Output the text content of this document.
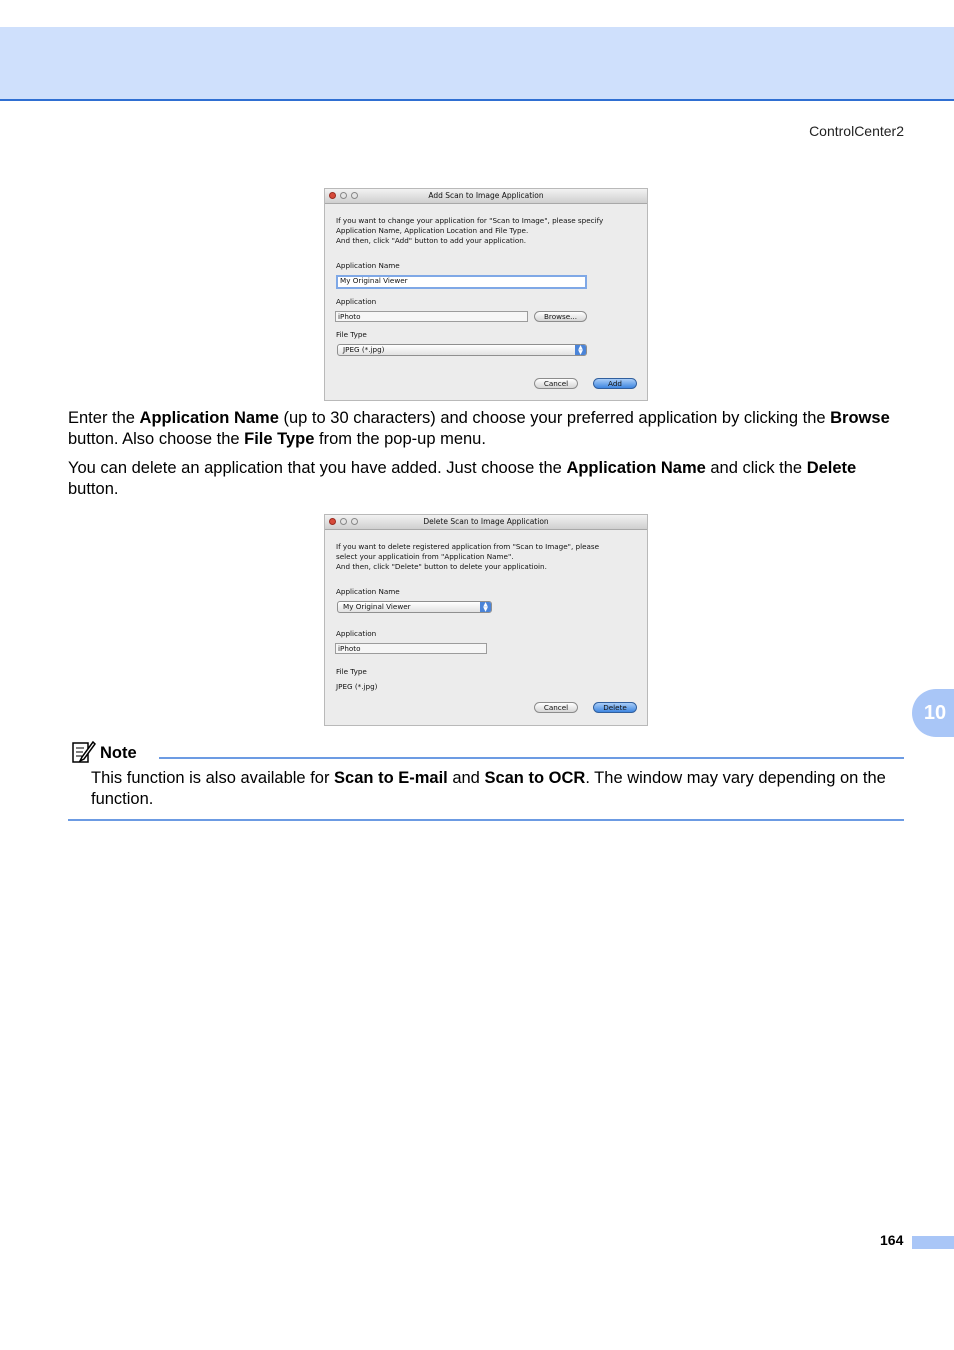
ControlCenter2
Add Scan to Image Application
If you want to change your application for "Scan to Image", please specify
Application Name, Application Location and File Type.
And then, click "Add" button to add your application.
Application Name
My Original Viewer
Application
iPhoto	Browse...
File Type
JPEG (*.jpg)	▲
▼
Cancel	Add

Enter the Application Name (up to 30 characters) and choose your preferred application by clicking the Browse button. Also choose the File Type from the pop-up menu.

You can delete an application that you have added. Just choose the Application Name and click the Delete button.

Delete Scan to Image Application
If you want to delete registered application from "Scan to Image", please
select your applicatioin from "Application Name".
And then, click "Delete" button to delete your applicatioin.
Application Name
My Original Viewer	▲
▼
Application
iPhoto
File Type
JPEG (*.jpg)
Cancel	Delete
Note

This function is also available for Scan to E-mail and Scan to OCR. The window may vary depending on the function.

10
164
